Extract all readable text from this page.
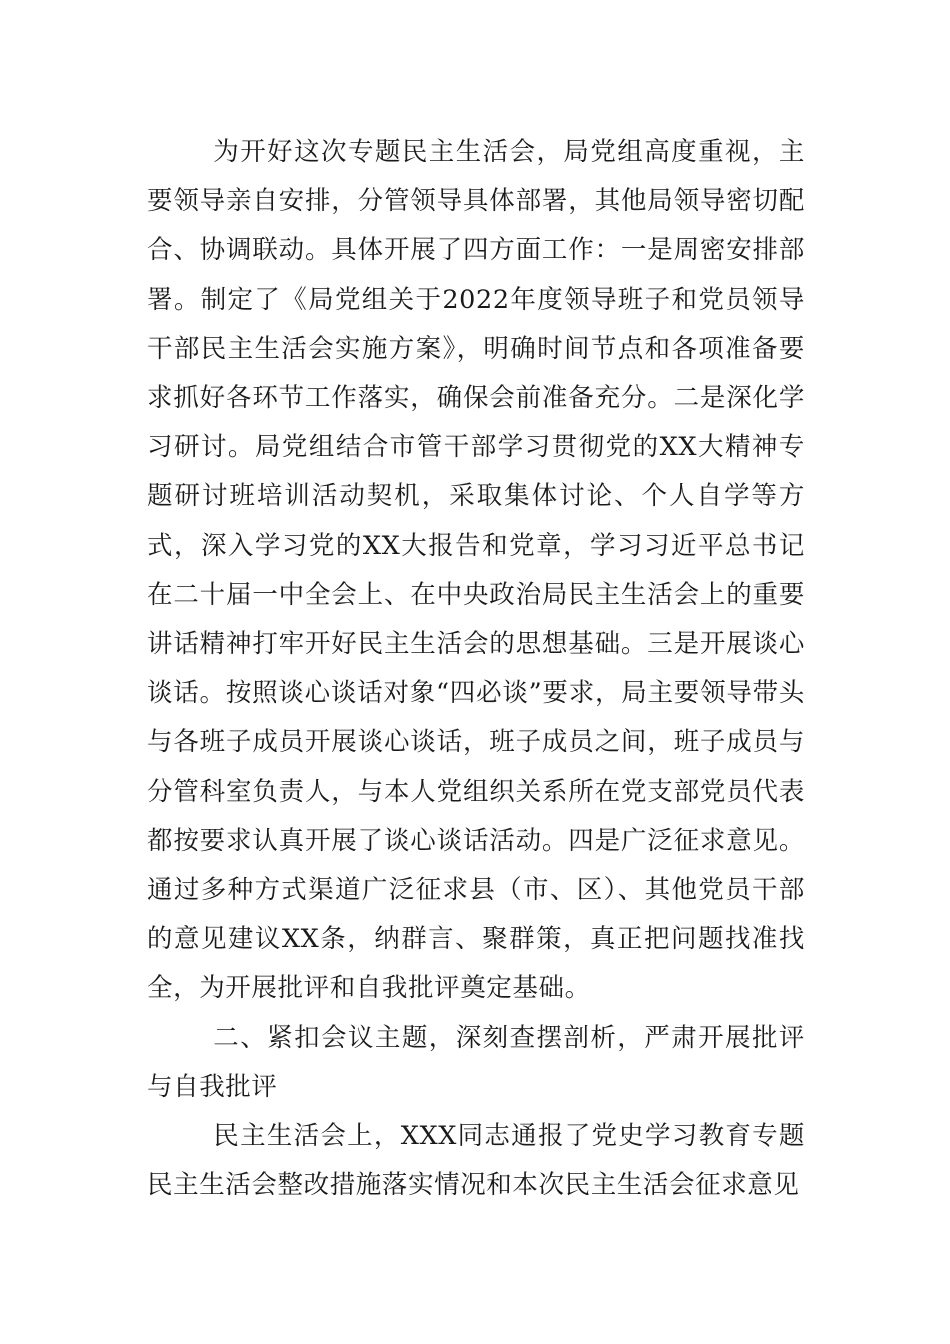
为开好这次专题民主生活会，局党组高度重视，主要领导亲自安排，分管领导具体部署，其他局领导密切配合、协调联动。具体开展了四方面工作：一是周密安排部署。制定了《局党组关于2022年度领导班子和党员领导干部民主生活会实施方案》，明确时间节点和各项准备要求抓好各环节工作落实，确保会前准备充分。二是深化学习研讨。局党组结合市管干部学习贯彻党的XX大精神专题研讨班培训活动契机，采取集体讨论、个人自学等方式，深入学习党的XX大报告和党章，学习习近平总书记在二十届一中全会上、在中央政治局民主生活会上的重要讲话精神打牢开好民主生活会的思想基础。三是开展谈心谈话。按照谈心谈话对象“四必谈”要求，局主要领导带头与各班子成员开展谈心谈话，班子成员之间，班子成员与分管科室负责人，与本人党组织关系所在党支部党员代表都按要求认真开展了谈心谈话活动。四是广泛征求意见。通过多种方式渠道广泛征求县（市、区）、其他党员干部的意见建议XX条，纳群言、聚群策，真正把问题找准找全，为开展批评和自我批评奠定基础。

二、紧扣会议主题，深刻查摆剖析，严肃开展批评与自我批评

民主生活会上，XXX同志通报了党史学习教育专题民主生活会整改措施落实情况和本次民主生活会征求意见
